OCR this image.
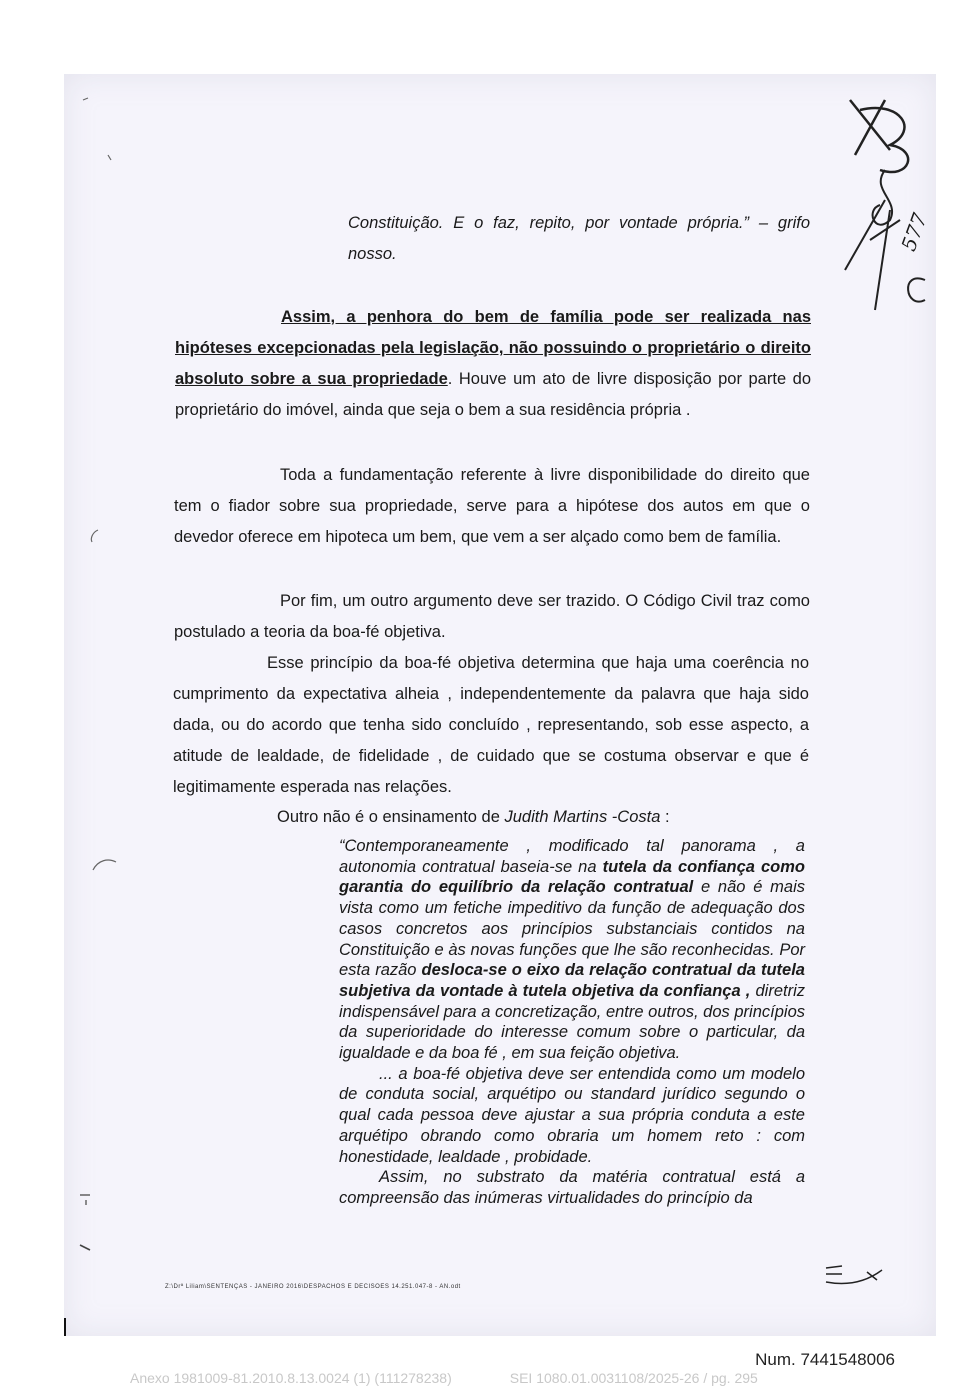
577
Constituição. E o faz, repito, por vontade própria.” – grifo nosso.
Assim, a penhora do bem de família pode ser realizada nas hipóteses excepcionadas pela legislação, não possuindo o proprietário o direito absoluto sobre a sua propriedade. Houve um ato de livre disposição por parte do proprietário do imóvel, ainda que seja o bem a sua residência própria .
Toda a fundamentação referente à livre disponibilidade do direito que tem o fiador sobre sua propriedade, serve para a hipótese dos autos em que o devedor oferece em hipoteca um bem, que vem a ser alçado como bem de família.
Por fim, um outro argumento deve ser trazido. O Código Civil traz como postulado a teoria da boa-fé objetiva.
Esse princípio da boa-fé objetiva determina que haja uma coerência no cumprimento da expectativa alheia , independentemente da palavra que haja sido dada, ou do acordo que tenha sido concluído , representando, sob esse aspecto, a atitude de lealdade, de fidelidade , de cuidado que se costuma observar e que é legitimamente esperada nas relações.
Outro não é o ensinamento de Judith Martins -Costa :
“Contemporaneamente , modificado tal panorama , a autonomia contratual baseia-se na tutela da confiança como garantia do equilíbrio da relação contratual e não é mais vista como um fetiche impeditivo da função de adequação dos casos concretos aos princípios substanciais contidos na Constituição e às novas funções que lhe são reconhecidas. Por esta razão desloca-se o eixo da relação contratual da tutela subjetiva da vontade à tutela objetiva da confiança , diretriz indispensável para a concretização, entre outros, dos princípios da superioridade do interesse comum sobre o particular, da igualdade e da boa fé , em sua feição objetiva.
... a boa-fé objetiva deve ser entendida como um modelo de conduta social, arquétipo ou standard jurídico segundo o qual cada pessoa deve ajustar a sua própria conduta a este arquétipo obrando como obraria um homem reto : com honestidade, lealdade , probidade.
Assim, no substrato da matéria contratual está a compreensão das inúmeras virtualidades do princípio da
Z:\Drª Liliam\SENTENÇAS - JANEIRO 2016\DESPACHOS E DECISOES 14.251.047-8 - AN.odt
Num. 7441548006
Anexo 1981009-81.2010.8.13.0024 (1) (111278238)	SEI 1080.01.0031108/2025-26 / pg. 295
